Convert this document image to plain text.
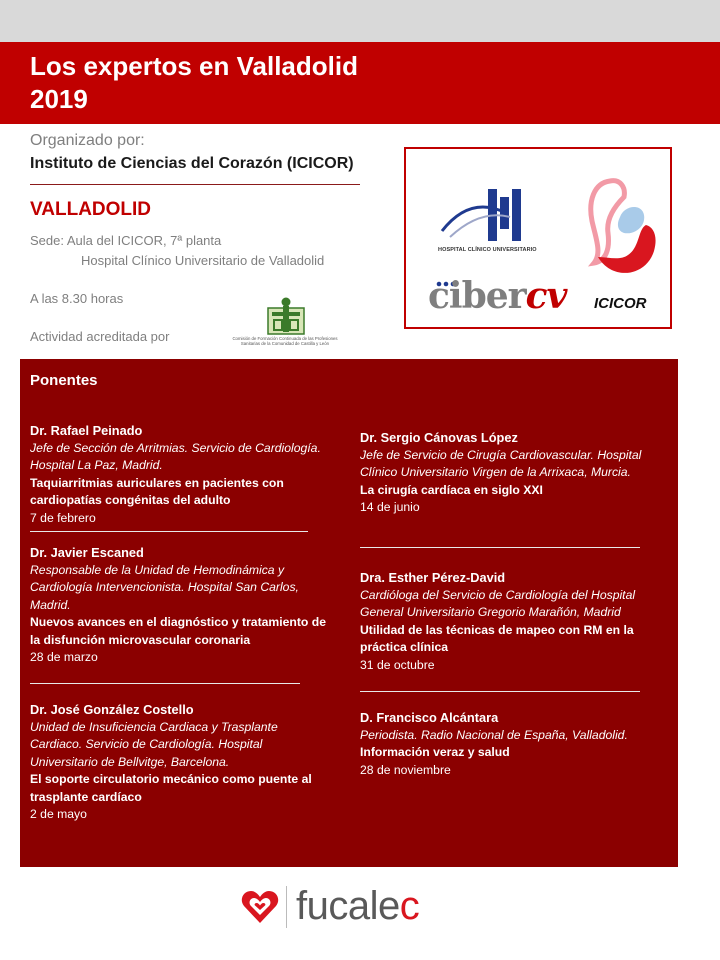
Los expertos en Valladolid
2019
Organizado por:
Instituto de Ciencias del Corazón (ICICOR)
VALLADOLID
Sede: Aula del ICICOR, 7ª planta
Hospital Clínico Universitario de Valladolid
A las 8.30 horas
Actividad acreditada por	Comisión de Formación Continuada de las Profesiones Sanitarias de la Comunidad de Castilla y León
HOSPITAL CLÍNICO UNIVERSITARIO
cibercv ICICOR
Ponentes
Dr. Rafael Peinado
Jefe de Sección de Arritmias. Servicio de Cardiología. Hospital La Paz, Madrid.
Taquiarritmias auriculares en pacientes con cardiopatías congénitas del adulto
7 de febrero
Dr. Javier Escaned
Responsable de la Unidad de Hemodinámica y Cardiología Intervencionista. Hospital San Carlos, Madrid.
Nuevos avances en el diagnóstico y tratamiento de la disfunción microvascular coronaria
28 de marzo
Dr. José González Costello
Unidad de Insuficiencia Cardiaca y Trasplante Cardiaco. Servicio de Cardiología. Hospital Universitario de Bellvitge, Barcelona.
El soporte circulatorio mecánico como puente al trasplante cardíaco
2 de mayo
Dr. Sergio Cánovas López
Jefe de Servicio de Cirugía Cardiovascular. Hospital Clínico Universitario Virgen de la Arrixaca, Murcia.
La cirugía cardíaca en siglo XXI
14 de junio
Dra. Esther Pérez-David
Cardióloga del Servicio de Cardiología del Hospital General Universitario Gregorio Marañón, Madrid
Utilidad de las técnicas de mapeo con RM en la práctica clínica
31 de octubre
D. Francisco Alcántara
Periodista. Radio Nacional de España, Valladolid.
Información veraz y salud
28 de noviembre
fucalec
